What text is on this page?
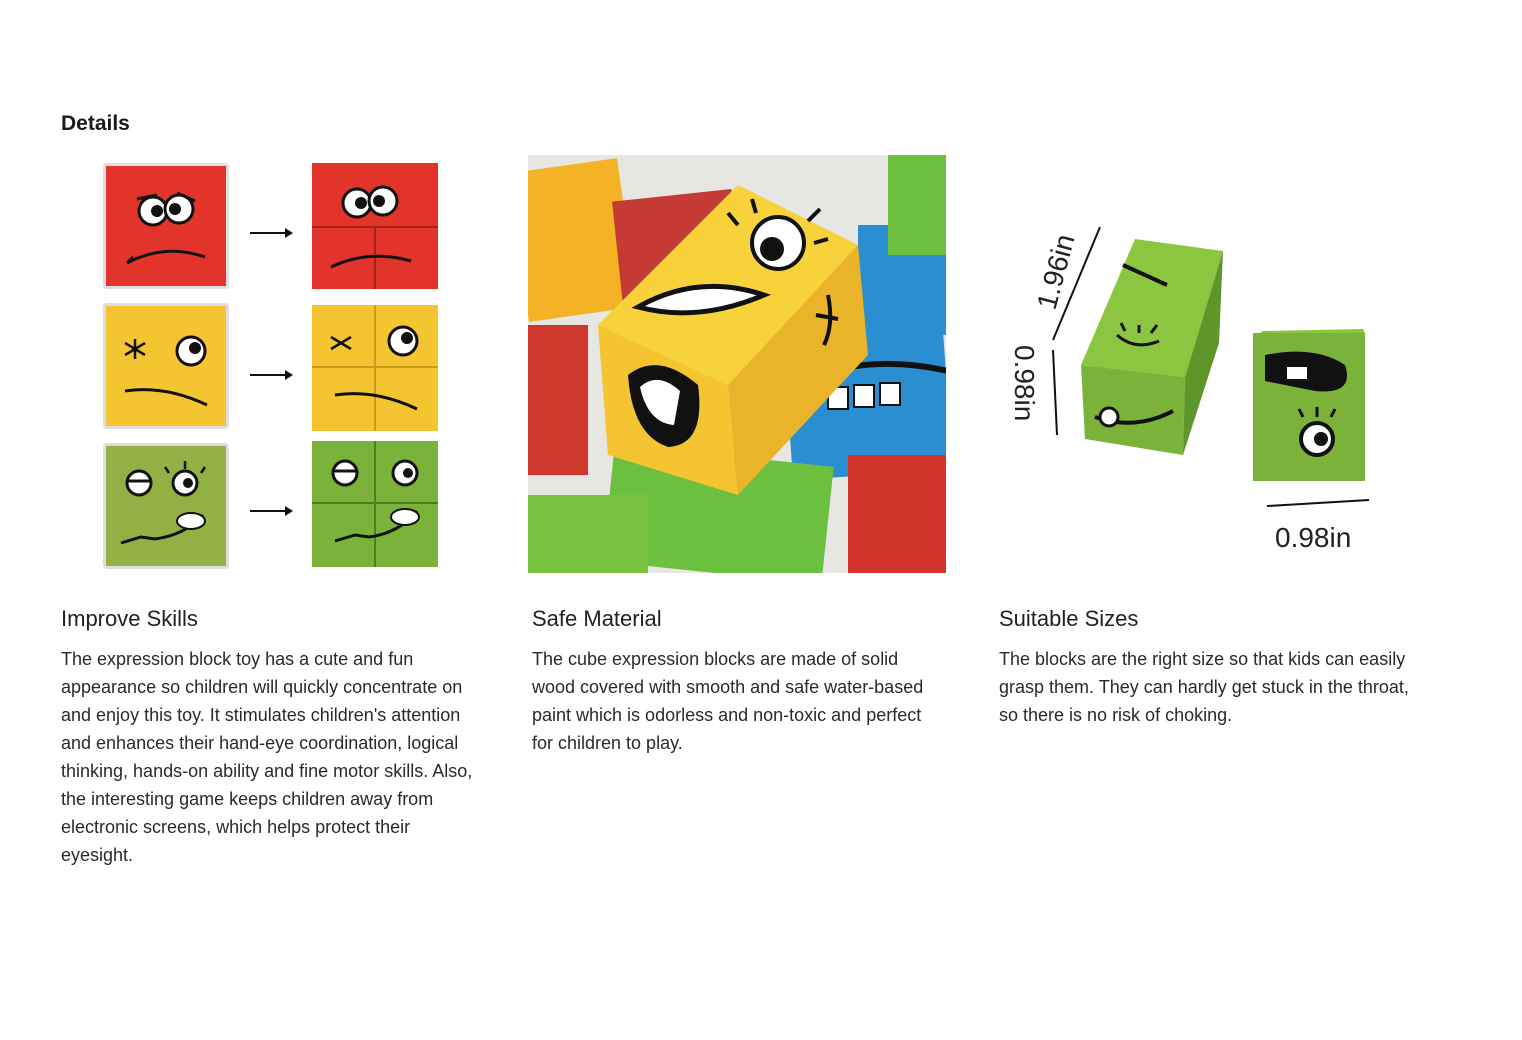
Details
1.96in
0.98in
0.98in
Improve Skills
The expression block toy has a cute and fun appearance so children will quickly concentrate on and enjoy this toy. It stimulates children's attention and enhances their hand-eye coordination, logical thinking, hands-on ability and fine motor skills. Also, the interesting game keeps children away from electronic screens, which helps protect their eyesight.
Safe Material
The cube expression blocks are made of solid wood covered with smooth and safe water-based paint which is odorless and non-toxic and perfect for children to play.
Suitable Sizes
The blocks are the right size so that kids can easily grasp them. They can hardly get stuck in the throat, so there is no risk of choking.
